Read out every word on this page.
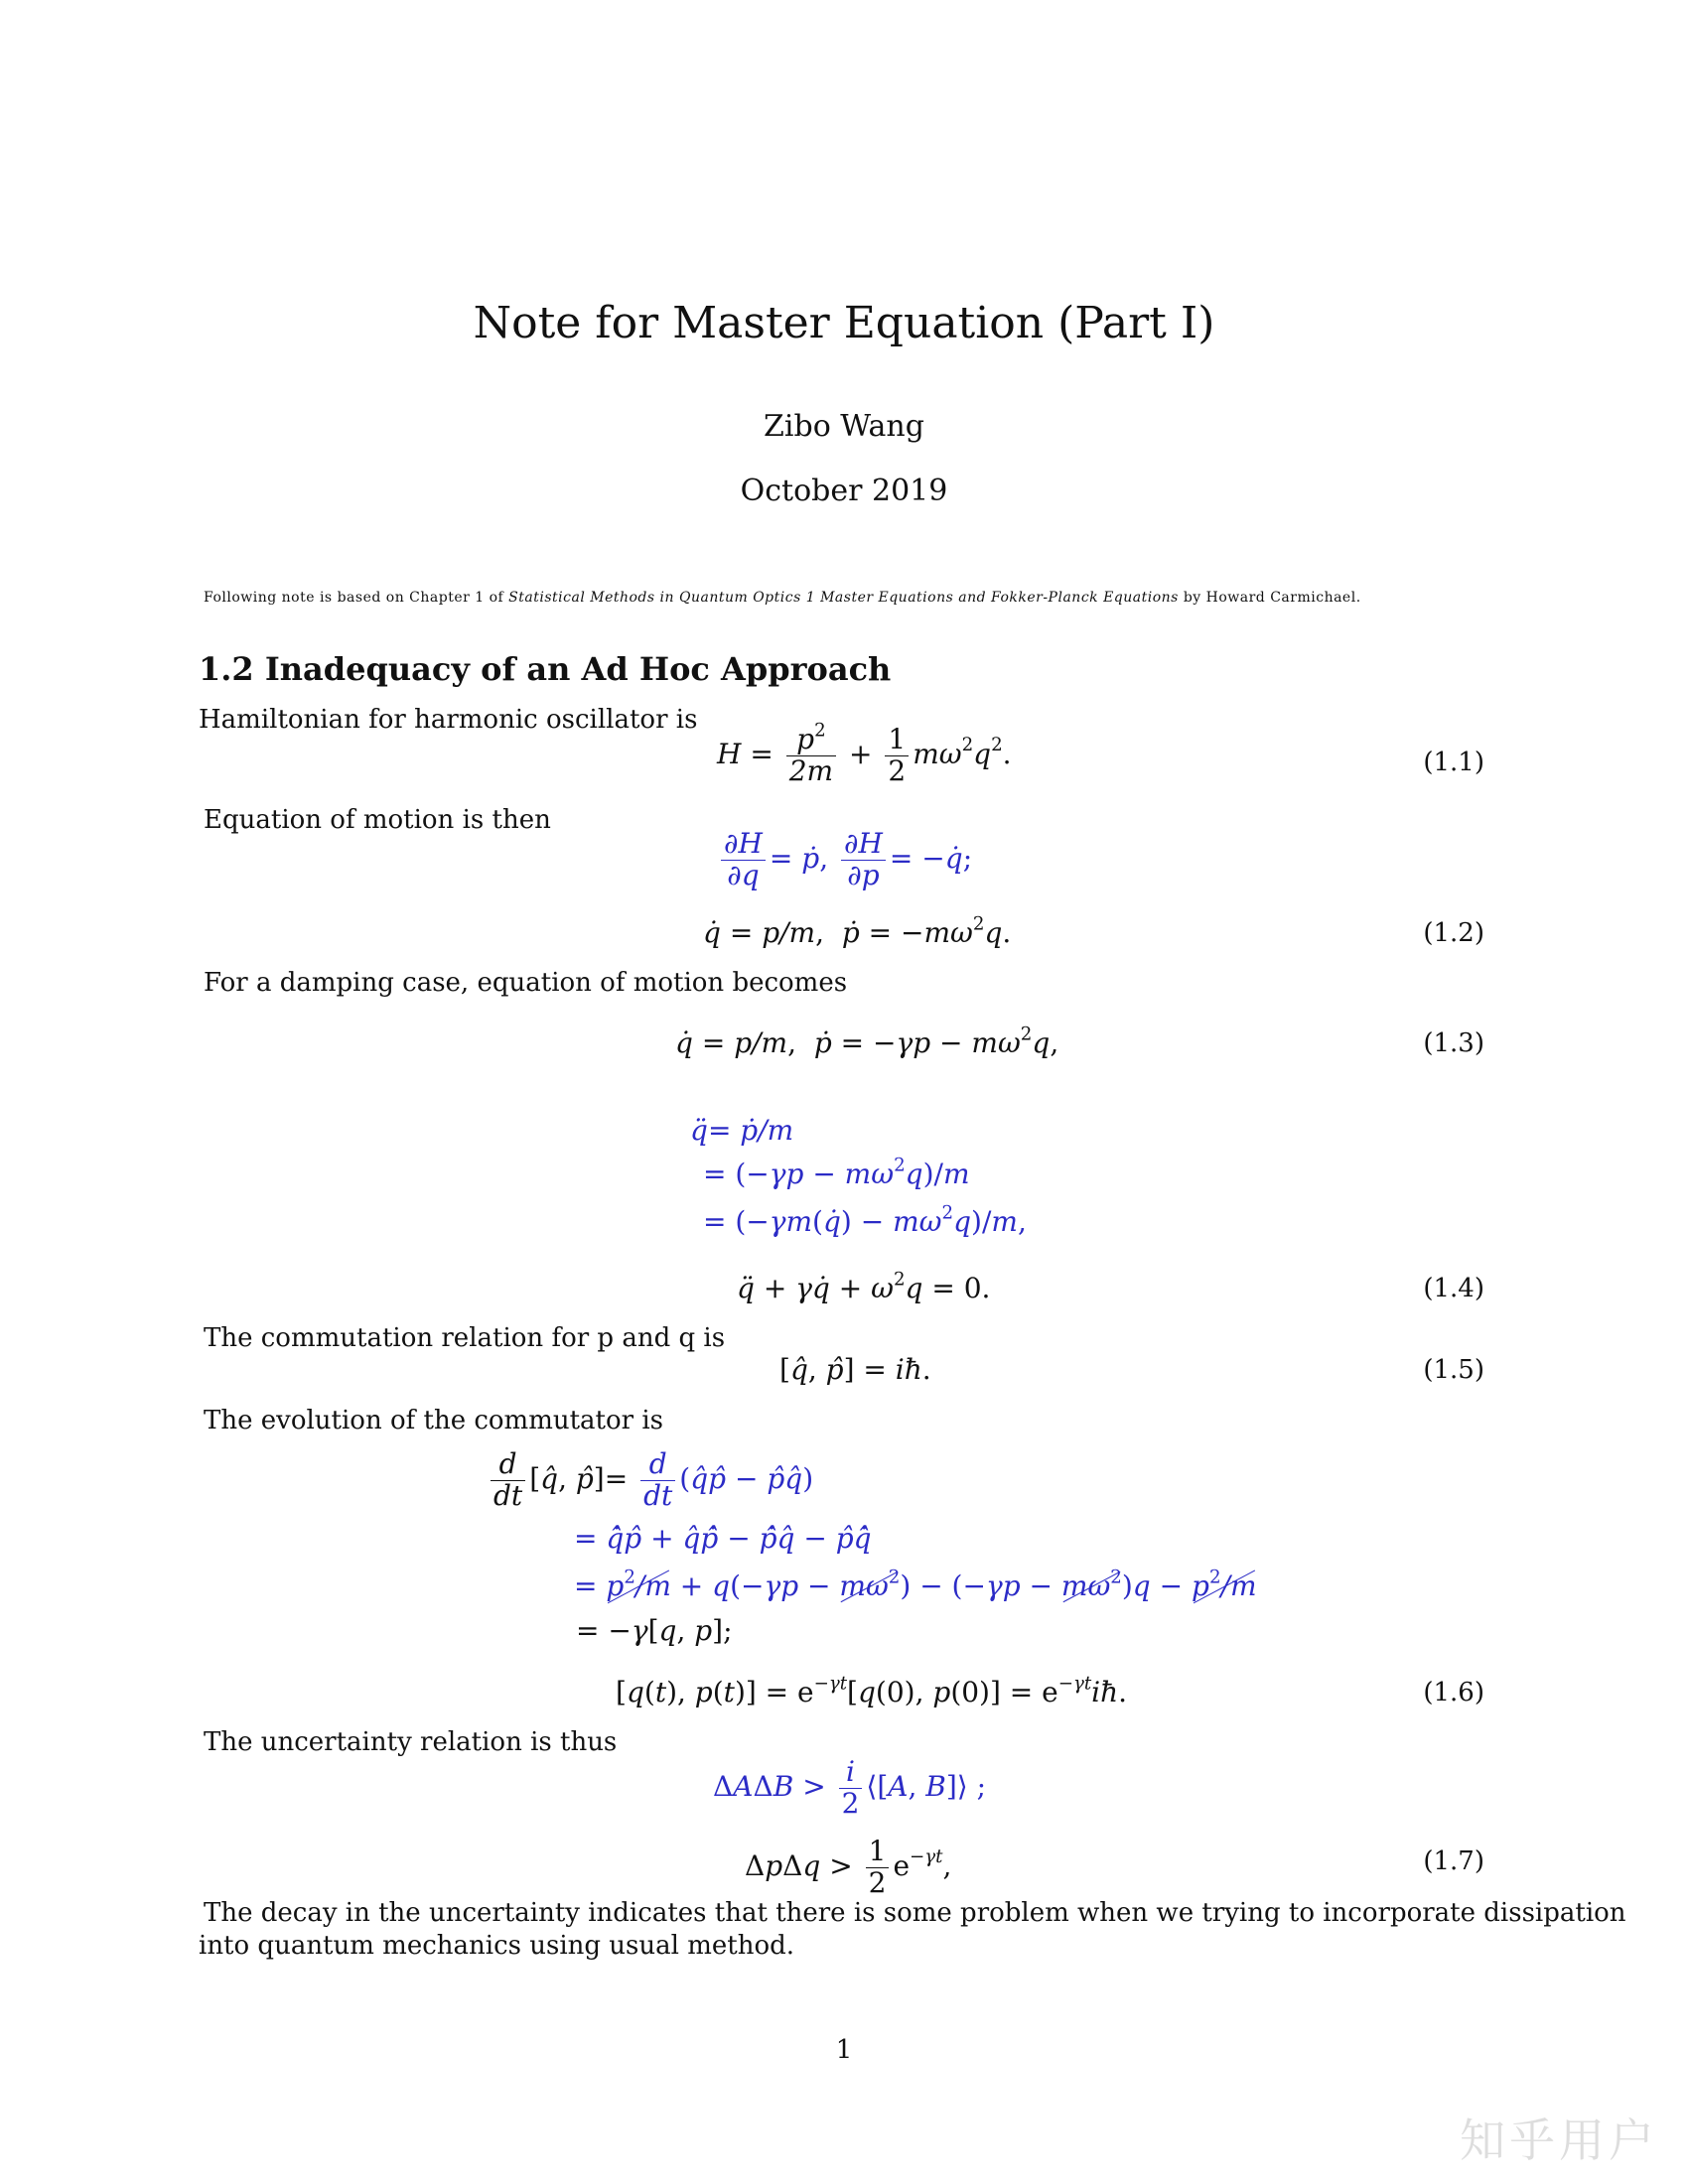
Note for Master Equation (Part I)
Zibo Wang
October 2019
Following note is based on Chapter 1 of Statistical Methods in Quantum Optics 1 Master Equations and Fokker-Planck Equations by Howard Carmichael.
1.2 Inadequacy of an Ad Hoc Approach
Hamiltonian for harmonic oscillator is
$H = \frac{p^2}{2m} + \frac{1}{2} m\omega^2q^2$.	(1.1)
Equation of motion is then
$\frac{\partial H}{\partial q}$ = ṗ, $\frac{\partial H}{\partial p}$ = −q̇;
q̇ = p/m,  ṗ = $-m\omega^2q$.	(1.2)
For a damping case, equation of motion becomes
q̇ = p/m,  ṗ = $-\gamma p - m\omega^2q$,	(1.3)
q̈= ṗ/m
= $(-\gamma p - m\omega^2q)/m$
= (−γm(q̇) − $m\omega^2q)/m$,
q̈ + γq̇ + $\omega^2q = 0$.	(1.4)
The commutation relation for p and q is
[q̂, p̂] = iħ.	(1.5)
The evolution of the commutator is
$\frac{d}{dt}$ [q̂, p̂]= $\frac{d}{dt}$ (q̂p̂ − p̂q̂)
= q̂̇p̂ + q̂p̂̇ − p̂̇q̂ − p̂q̂̇
= $p^2/m + q(-\gamma p - m\omega^2) - (-\gamma p - m\omega^2)q - p^2/m$
= −γ[q, p];
[q(t), $p(t)] = e^{-\gamma t}[q(0)$, $p(0)] = e^{-\gamma t}iħ$.	(1.6)
The uncertainty relation is thus
$\Delta A\Delta B > \frac{i}{2}$ ⟨[A, B]⟩ ;
$\Delta p\Delta q > \frac{1}{2} e^{-\gamma t}$,	(1.7)
The decay in the uncertainty indicates that there is some problem when we trying to incorporate dissipation
into quantum mechanics using usual method.
1
知乎用户
